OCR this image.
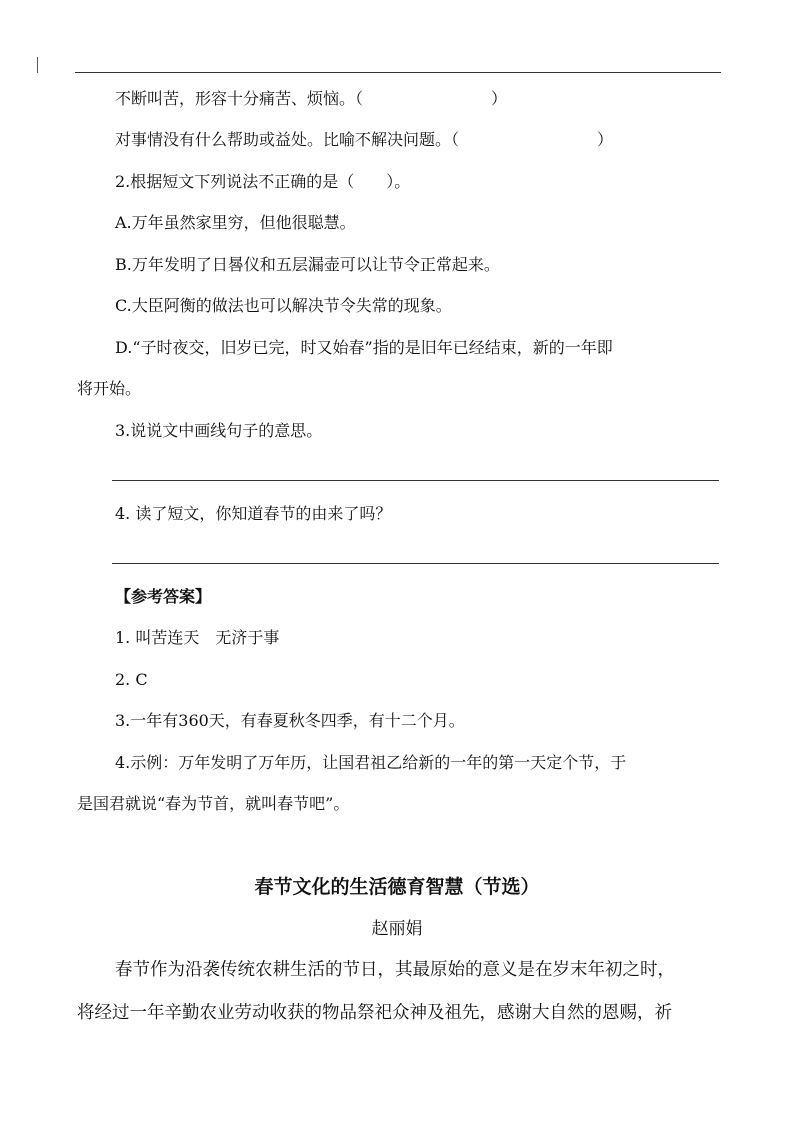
不断叫苦，形容十分痛苦、烦恼。（	）
对事情没有什么帮助或益处。比喻不解决问题。（	）
2.根据短文下列说法不正确的是（　　）。
A.万年虽然家里穷，但他很聪慧。
B.万年发明了日晷仪和五层漏壶可以让节令正常起来。
C.大臣阿衡的做法也可以解决节令失常的现象。
D.“子时夜交，旧岁已完，时又始春”指的是旧年已经结束，新的一年即
将开始。
3.说说文中画线句子的意思。
4. 读了短文，你知道春节的由来了吗？
【参考答案】
1. 叫苦连天　无济于事
2. C
3.一年有360天，有春夏秋冬四季，有十二个月。
4.示例：万年发明了万年历，让国君祖乙给新的一年的第一天定个节，于
是国君就说“春为节首，就叫春节吧”。
春节文化的生活德育智慧（节选）
赵丽娟
春节作为沿袭传统农耕生活的节日，其最原始的意义是在岁末年初之时，
将经过一年辛勤农业劳动收获的物品祭祀众神及祖先，感谢大自然的恩赐，祈
